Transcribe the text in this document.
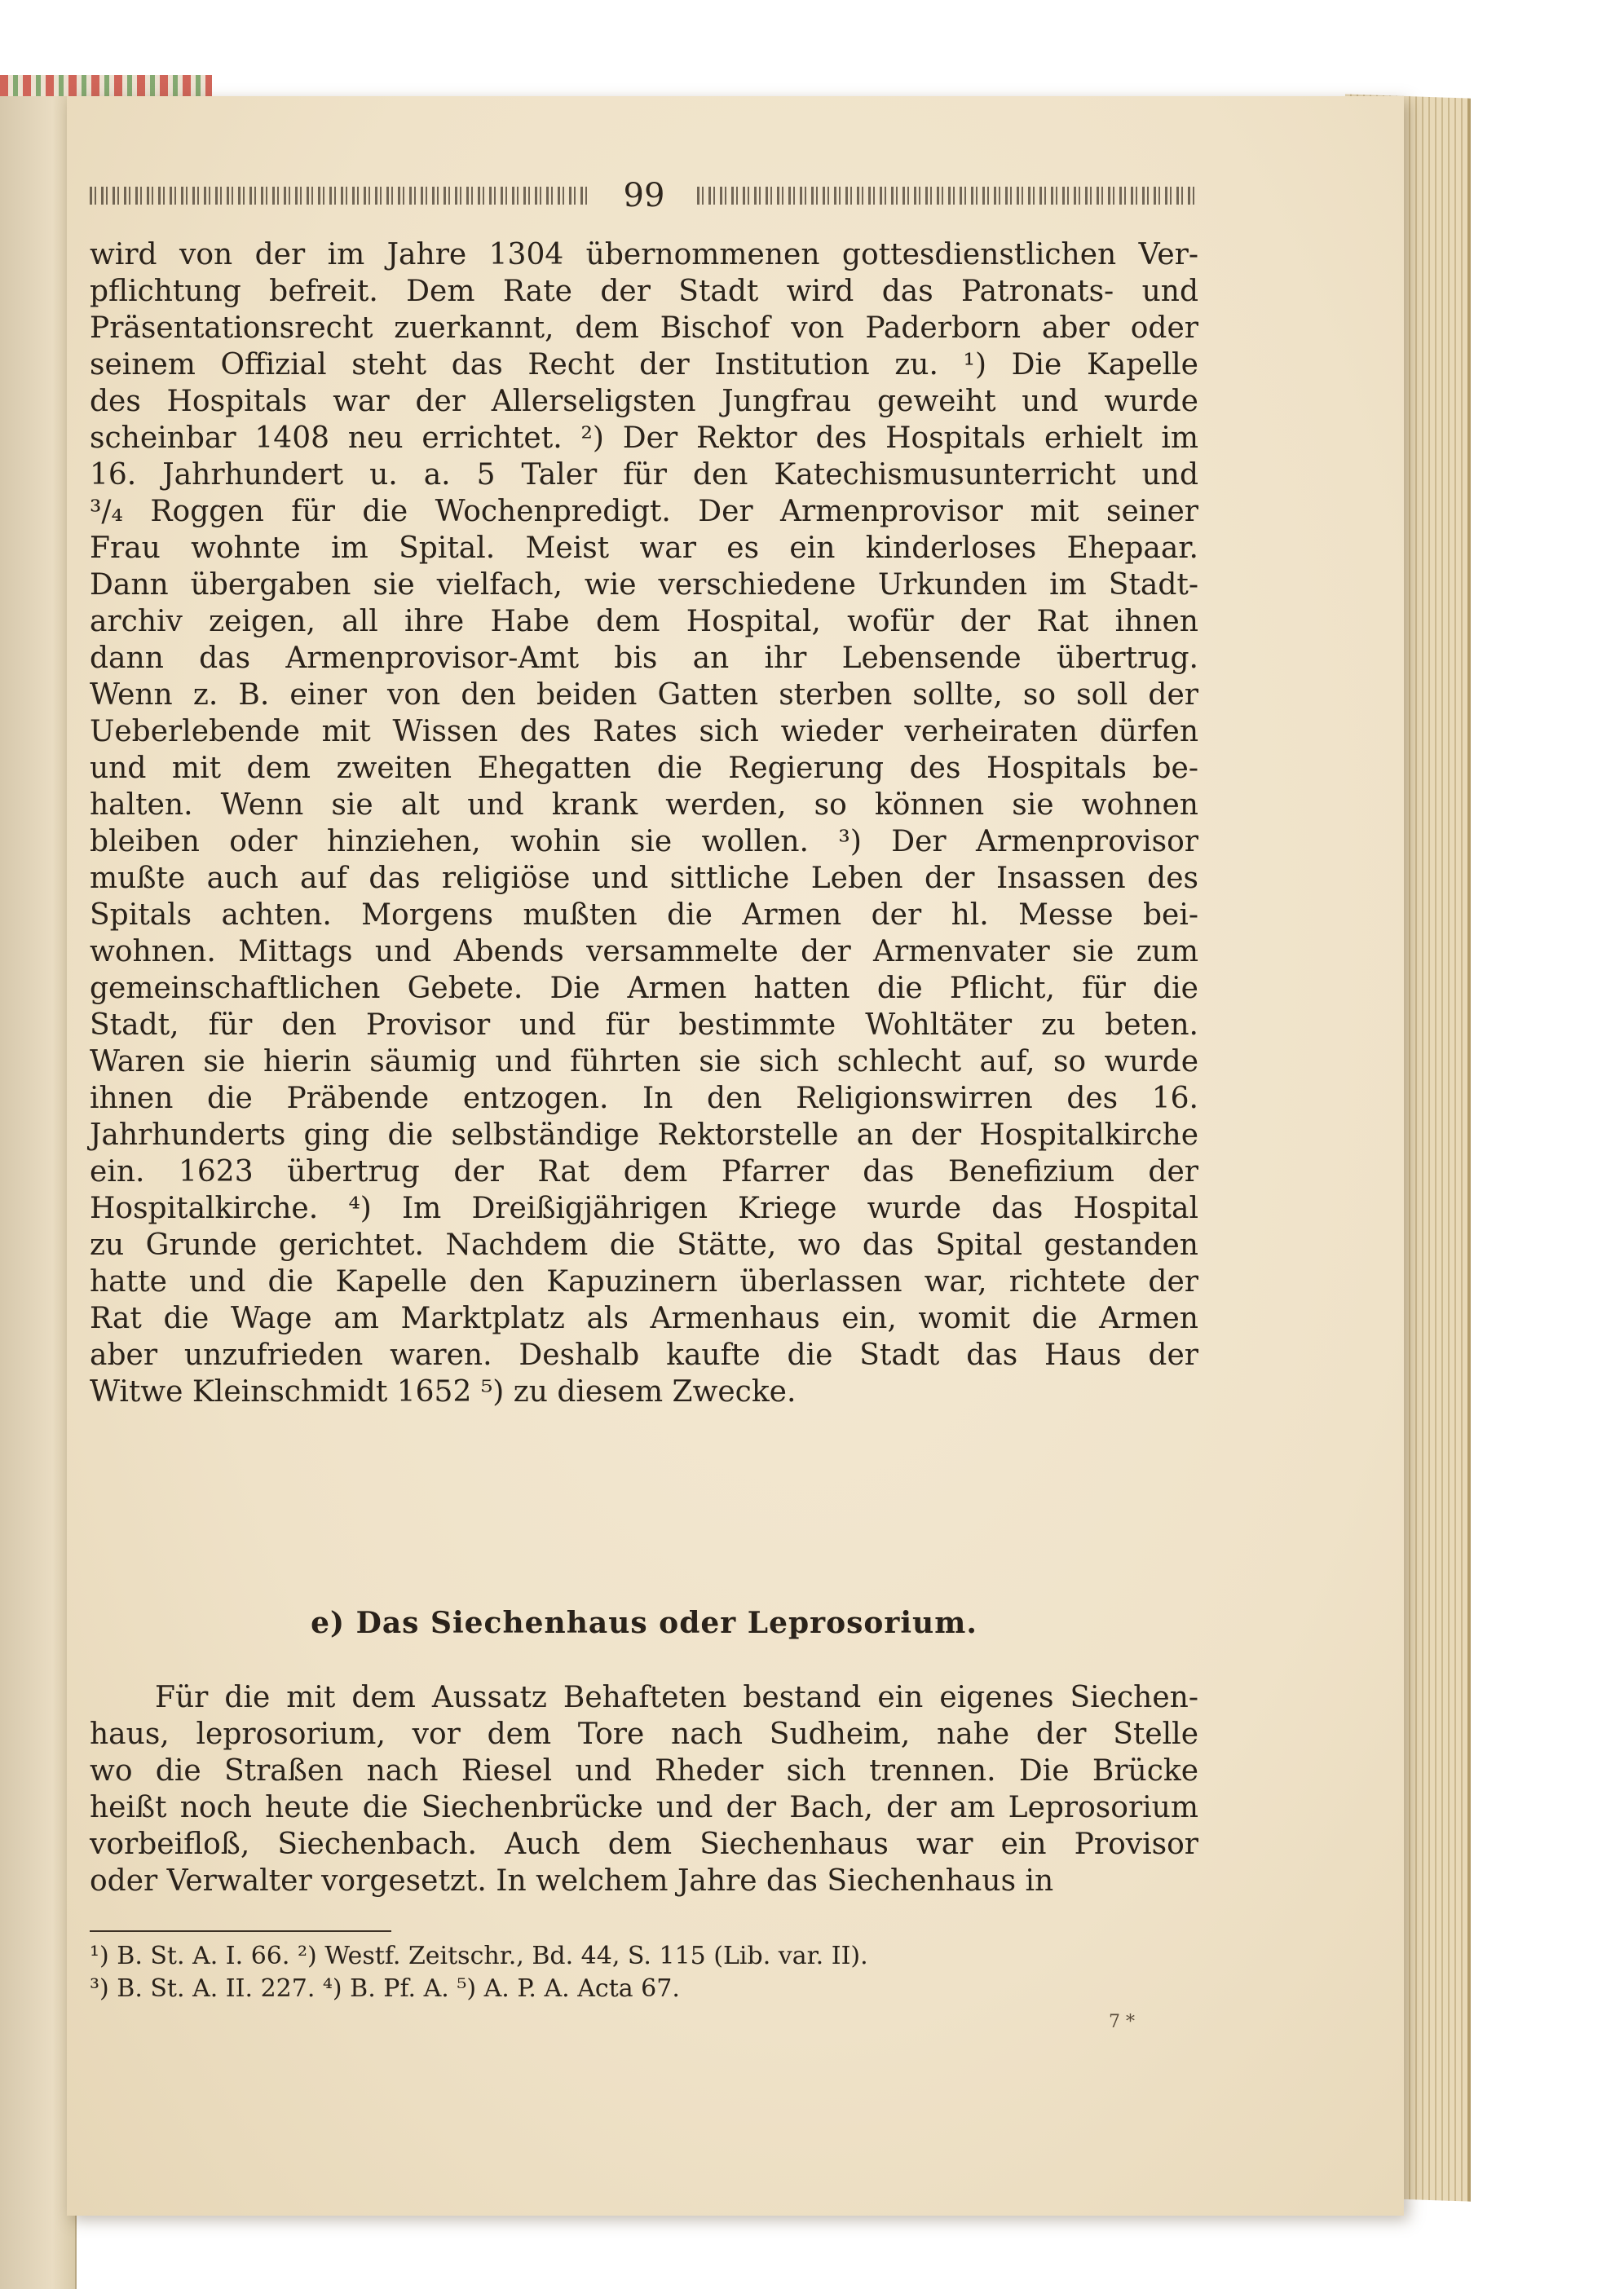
99
wird von der im Jahre 1304 übernommenen gottesdienstlichen Ver-
pflichtung befreit. Dem Rate der Stadt wird das Patronats- und
Präsentationsrecht zuerkannt, dem Bischof von Paderborn aber oder
seinem Offizial steht das Recht der Institution zu. ¹) Die Kapelle
des Hospitals war der Allerseligsten Jungfrau geweiht und wurde
scheinbar 1408 neu errichtet. ²) Der Rektor des Hospitals erhielt im
16. Jahrhundert u. a. 5 Taler für den Katechismusunterricht und
³/₄ Roggen für die Wochenpredigt. Der Armenprovisor mit seiner
Frau wohnte im Spital. Meist war es ein kinderloses Ehepaar.
Dann übergaben sie vielfach, wie verschiedene Urkunden im Stadt-
archiv zeigen, all ihre Habe dem Hospital, wofür der Rat ihnen
dann das Armenprovisor-Amt bis an ihr Lebensende übertrug.
Wenn z. B. einer von den beiden Gatten sterben sollte, so soll der
Ueberlebende mit Wissen des Rates sich wieder verheiraten dürfen
und mit dem zweiten Ehegatten die Regierung des Hospitals be-
halten. Wenn sie alt und krank werden, so können sie wohnen
bleiben oder hinziehen, wohin sie wollen. ³) Der Armenprovisor
mußte auch auf das religiöse und sittliche Leben der Insassen des
Spitals achten. Morgens mußten die Armen der hl. Messe bei-
wohnen. Mittags und Abends versammelte der Armenvater sie zum
gemeinschaftlichen Gebete. Die Armen hatten die Pflicht, für die
Stadt, für den Provisor und für bestimmte Wohltäter zu beten.
Waren sie hierin säumig und führten sie sich schlecht auf, so wurde
ihnen die Präbende entzogen. In den Religionswirren des 16.
Jahrhunderts ging die selbständige Rektorstelle an der Hospitalkirche
ein. 1623 übertrug der Rat dem Pfarrer das Benefizium der
Hospitalkirche. ⁴) Im Dreißigjährigen Kriege wurde das Hospital
zu Grunde gerichtet. Nachdem die Stätte, wo das Spital gestanden
hatte und die Kapelle den Kapuzinern überlassen war, richtete der
Rat die Wage am Marktplatz als Armenhaus ein, womit die Armen
aber unzufrieden waren. Deshalb kaufte die Stadt das Haus der
Witwe Kleinschmidt 1652 ⁵) zu diesem Zwecke.
e) Das Siechenhaus oder Leprosorium.
Für die mit dem Aussatz Behafteten bestand ein eigenes Siechen-
haus, leprosorium, vor dem Tore nach Sudheim, nahe der Stelle
wo die Straßen nach Riesel und Rheder sich trennen. Die Brücke
heißt noch heute die Siechenbrücke und der Bach, der am Leprosorium
vorbeifloß, Siechenbach. Auch dem Siechenhaus war ein Provisor
oder Verwalter vorgesetzt. In welchem Jahre das Siechenhaus in
¹) B. St. A. I. 66. ²) Westf. Zeitschr., Bd. 44, S. 115 (Lib. var. II).
³) B. St. A. II. 227. ⁴) B. Pf. A. ⁵) A. P. A. Acta 67.
7 *
